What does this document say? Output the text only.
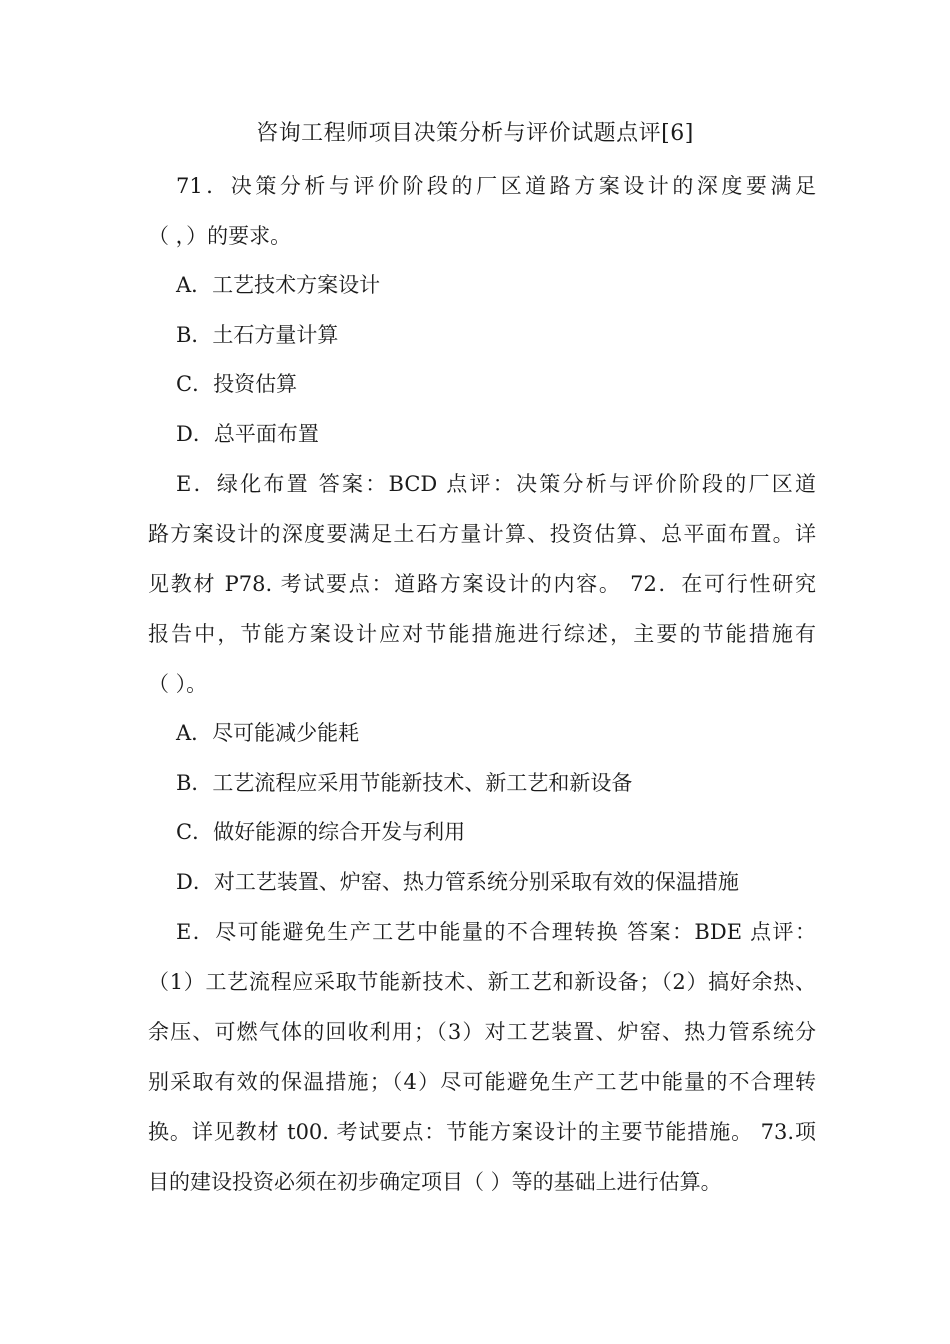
咨询工程师项目决策分析与评价试题点评[6]
71．决策分析与评价阶段的厂区道路方案设计的深度要满足
（ ，）的要求。
A．工艺技术方案设计
B．土石方量计算
C．投资估算
D．总平面布置
E．绿化布置 答案：BCD 点评：决策分析与评价阶段的厂区道
路方案设计的深度要满足土石方量计算、投资估算、总平面布置。详
见教材 P78. 考试要点：道路方案设计的内容。 72．在可行性研究
报告中，节能方案设计应对节能措施进行综述，主要的节能措施有
（ ）。
A．尽可能减少能耗
B．工艺流程应采用节能新技术、新工艺和新设备
C．做好能源的综合开发与利用
D．对工艺装置、炉窑、热力管系统分别采取有效的保温措施
E．尽可能避免生产工艺中能量的不合理转换 答案：BDE 点评：
（1）工艺流程应采取节能新技术、新工艺和新设备；（2）搞好余热、
余压、可燃气体的回收利用；（3）对工艺装置、炉窑、热力管系统分
别采取有效的保温措施；（4）尽可能避免生产工艺中能量的不合理转
换。详见教材 t00. 考试要点：节能方案设计的主要节能措施。 73.项
目的建设投资必须在初步确定项目（ ）等的基础上进行估算。
